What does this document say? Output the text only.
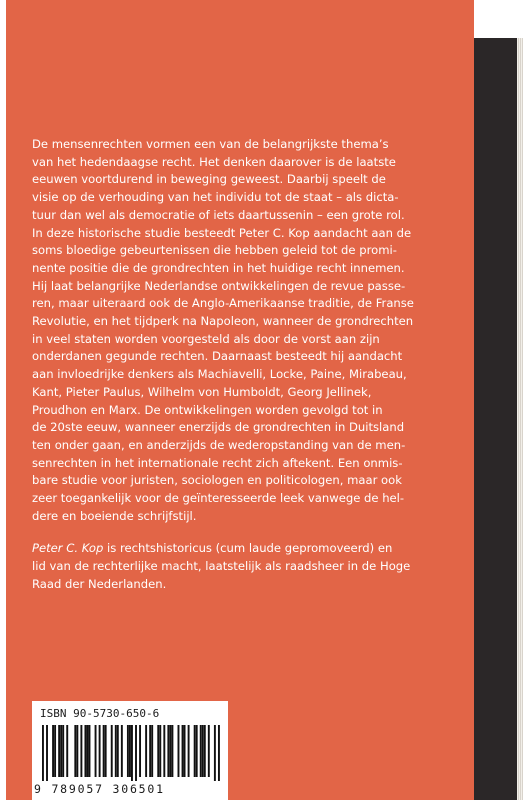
De mensenrechten vormen een van de belangrijkste thema’s
van het hedendaagse recht. Het denken daarover is de laatste
eeuwen voortdurend in beweging geweest. Daarbij speelt de
visie op de verhouding van het individu tot de staat – als dicta-
tuur dan wel als democratie of iets daartussenin – een grote rol.
In deze historische studie besteedt Peter C. Kop aandacht aan de
soms bloedige gebeurtenissen die hebben geleid tot de promi-
nente positie die de grondrechten in het huidige recht innemen.
Hij laat belangrijke Nederlandse ontwikkelingen de revue passe-
ren, maar uiteraard ook de Anglo-Amerikaanse traditie, de Franse
Revolutie, en het tijdperk na Napoleon, wanneer de grondrechten
in veel staten worden voorgesteld als door de vorst aan zijn
onderdanen gegunde rechten. Daarnaast besteedt hij aandacht
aan invloedrijke denkers als Machiavelli, Locke, Paine, Mirabeau,
Kant, Pieter Paulus, Wilhelm von Humboldt, Georg Jellinek,
Proudhon en Marx. De ontwikkelingen worden gevolgd tot in
de 20ste eeuw, wanneer enerzijds de grondrechten in Duitsland
ten onder gaan, en anderzijds de wederopstanding van de men-
senrechten in het internationale recht zich aftekent. Een onmis-
bare studie voor juristen, sociologen en politicologen, maar ook
zeer toegankelijk voor de geïnteresseerde leek vanwege de hel-
dere en boeiende schrijfstijl.
Peter C. Kop is rechtshistoricus (cum laude gepromoveerd) en
lid van de rechterlijke macht, laatstelijk als raadsheer in de Hoge
Raad der Nederlanden.
ISBN 90-5730-650-6
9 789057 306501
